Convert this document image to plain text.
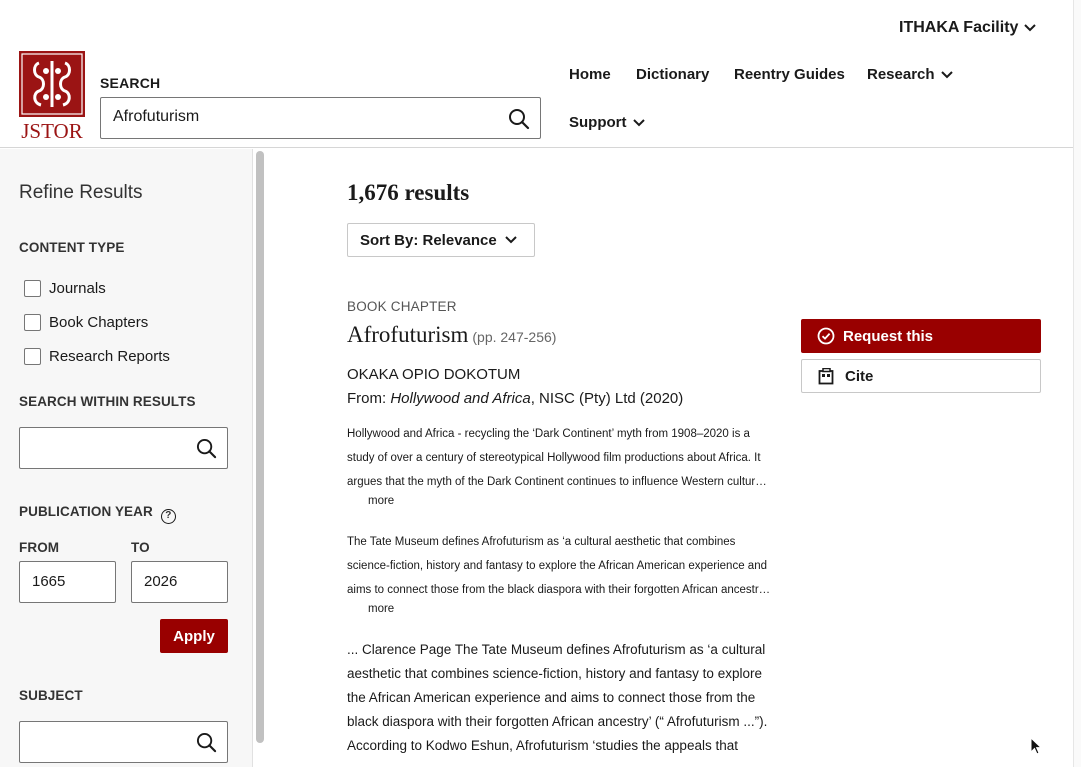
JSTOR
SEARCH
Afrofuturism
ITHAKA Facility
Home Dictionary Reentry Guides Research
Support
Refine Results
CONTENT TYPE
Journals
Book Chapters
Research Reports
SEARCH WITHIN RESULTS
PUBLICATION YEAR ?
FROM	TO
1665	2026
Apply
SUBJECT
1,676 results
Sort By: Relevance
BOOK CHAPTER
Afrofuturism (pp. 247-256)
OKAKA OPIO DOKOTUM
From: Hollywood and Africa, NISC (Pty) Ltd (2020)
Hollywood and Africa - recycling the ‘Dark Continent’ myth from 1908–2020 is a study of over a century of stereotypical Hollywood film productions about Africa. It argues that the myth of the Dark Continent continues to influence Western cultur…
more
The Tate Museum defines Afrofuturism as ‘a cultural aesthetic that combines science-fiction, history and fantasy to explore the African American experience and aims to connect those from the black diaspora with their forgotten African ancestr…
more
... Clarence Page The Tate Museum defines Afrofuturism as ‘a cultural aesthetic that combines science-fiction, history and fantasy to explore the African American experience and aims to connect those from the black diaspora with their forgotten African ancestry’ (“ Afrofuturism ...”). According to Kodwo Eshun, Afrofuturism ‘studies the appeals that
Request this
Cite
